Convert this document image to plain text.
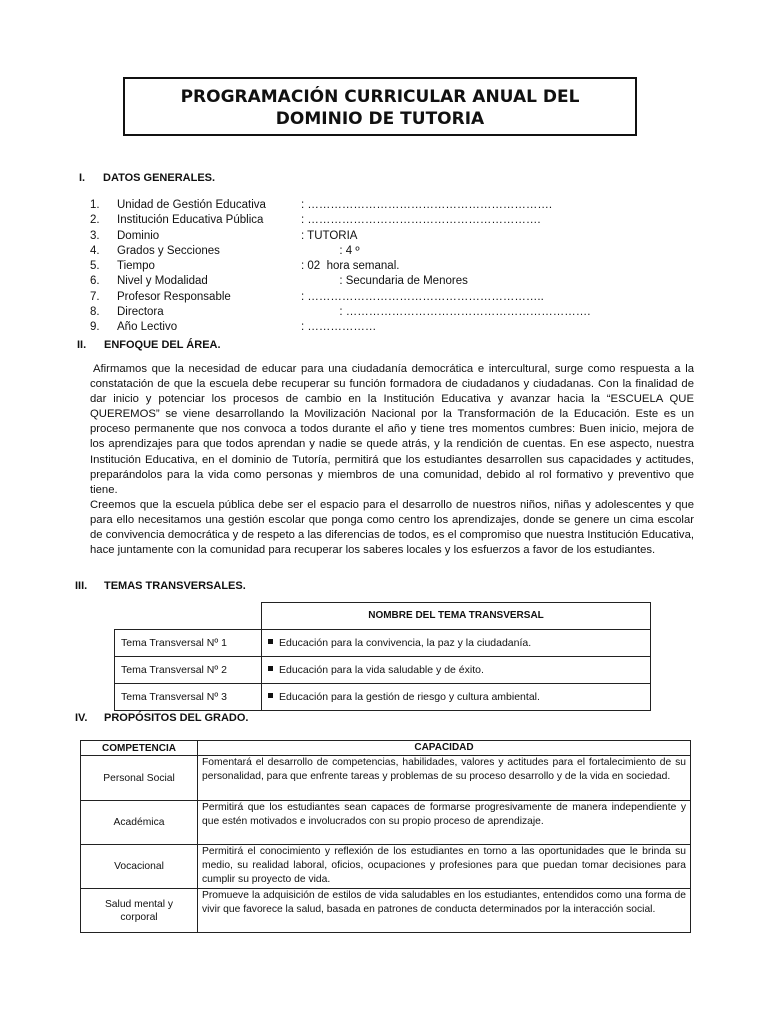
PROGRAMACIÓN CURRICULAR ANUAL DEL
DOMINIO DE TUTORIA
I. DATOS GENERALES.
1. Unidad de Gestión Educativa	: ……………………………………………………….
2. Institución Educativa Pública	: …………………………………………………….
3. Dominio	: TUTORIA
4. Grados y Secciones	: 4 º
5. Tiempo	: 02  hora semanal.
6. Nivel y Modalidad	: Secundaria de Menores
7. Profesor Responsable	: ……………………………………………………..
8. Directora	: ……………………………………………………….
9. Año Lectivo	: ………………
II. ENFOQUE DEL ÁREA.

Afirmamos que la necesidad de educar para una ciudadanía democrática e intercultural, surge como respuesta a la constatación de que la escuela debe recuperar su función formadora de ciudadanos y ciudadanas. Con la finalidad de dar inicio y potenciar los procesos de cambio en la Institución Educativa y avanzar hacia la “ESCUELA QUE QUEREMOS” se viene desarrollando la Movilización Nacional por la Transformación de la Educación. Este es un proceso permanente que nos convoca a todos durante el año y tiene tres momentos cumbres: Buen inicio, mejora de los aprendizajes para que todos aprendan y nadie se quede atrás, y la rendición de cuentas. En ese aspecto, nuestra Institución Educativa, en el dominio de Tutoría, permitirá que los estudiantes desarrollen sus capacidades y actitudes, preparándolos para la vida como personas y miembros de una comunidad, debido al rol formativo y preventivo que tiene.

Creemos que la escuela pública debe ser el espacio para el desarrollo de nuestros niños, niñas y adolescentes y que para ello necesitamos una gestión escolar que ponga como centro los aprendizajes, donde se genere un cima escolar de convivencia democrática y de respeto a las diferencias de todos, es el compromiso que nuestra Institución Educativa, hace juntamente con la comunidad para recuperar los saberes locales y los esfuerzos a favor de los estudiantes.

III. TEMAS TRANSVERSALES.
	NOMBRE DEL TEMA TRANSVERSAL
Tema Transversal Nº 1	Educación para la convivencia, la paz y la ciudadanía.
Tema Transversal Nº 2	Educación para la vida saludable y de éxito.
Tema Transversal Nº 3	Educación para la gestión de riesgo y cultura ambiental.
IV. PROPÓSITOS DEL GRADO.
COMPETENCIA	CAPACIDAD
Personal Social	Fomentará el desarrollo de competencias, habilidades, valores y actitudes para el fortalecimiento de su personalidad, para que enfrente tareas y problemas de su proceso desarrollo y de la vida en sociedad.
Académica	Permitirá que los estudiantes sean capaces de formarse progresivamente de manera independiente y que estén motivados e involucrados con su propio proceso de aprendizaje.
Vocacional	Permitirá el conocimiento y reflexión de los estudiantes en torno a las oportunidades que le brinda su medio, su realidad laboral, oficios, ocupaciones y profesiones para que puedan tomar decisiones para cumplir su proyecto de vida.
Salud mental y corporal	Promueve la adquisición de estilos de vida saludables en los estudiantes, entendidos como una forma de vivir que favorece la salud, basada en patrones de conducta determinados por la interacción social.
